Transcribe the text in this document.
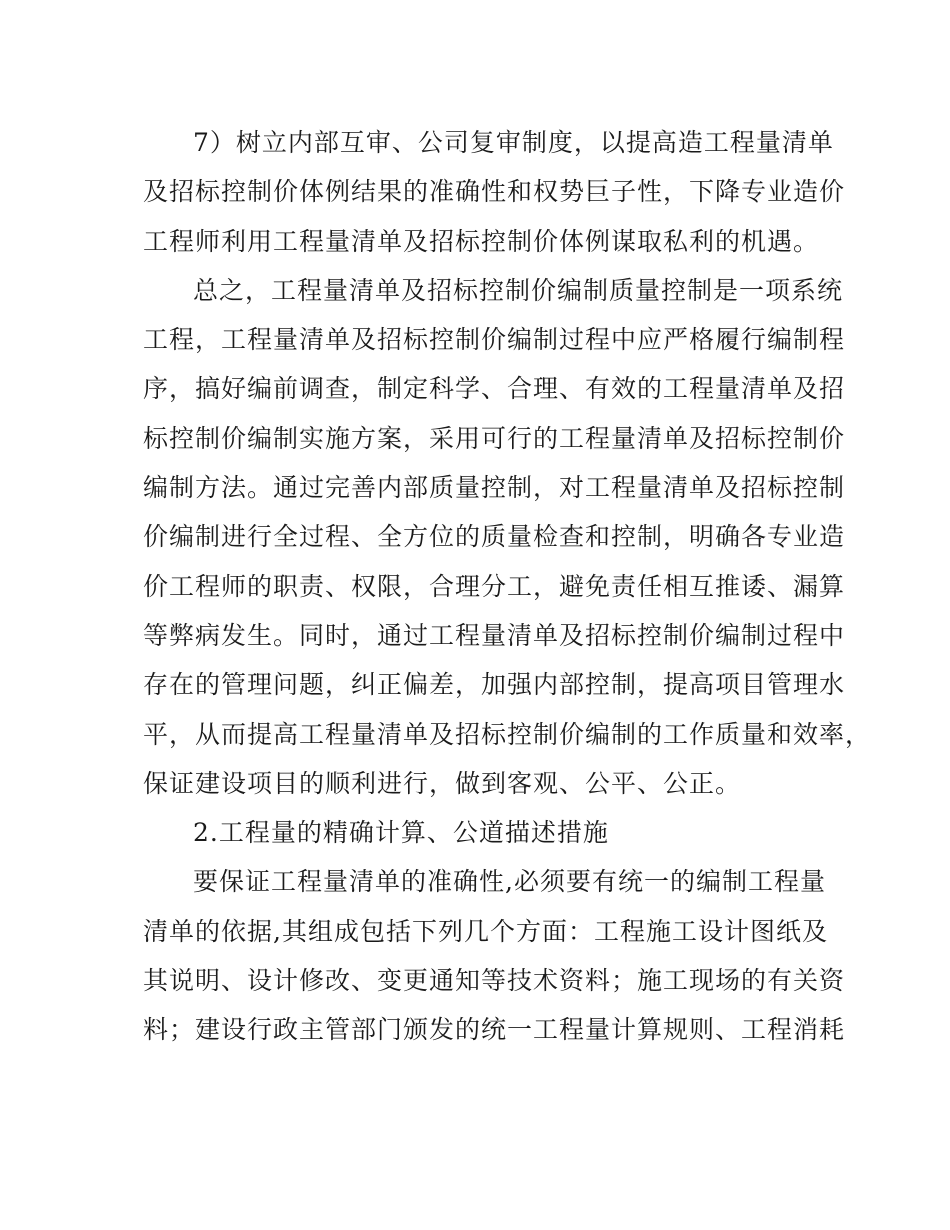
7）树立内部互审、公司复审制度，以提高造工程量清单
及招标控制价体例结果的准确性和权势巨子性，下降专业造价
工程师利用工程量清单及招标控制价体例谋取私利的机遇。
总之，工程量清单及招标控制价编制质量控制是一项系统
工程，工程量清单及招标控制价编制过程中应严格履行编制程
序，搞好编前调查，制定科学、合理、有效的工程量清单及招
标控制价编制实施方案，采用可行的工程量清单及招标控制价
编制方法。通过完善内部质量控制，对工程量清单及招标控制
价编制进行全过程、全方位的质量检查和控制，明确各专业造
价工程师的职责、权限，合理分工，避免责任相互推诿、漏算
等弊病发生。同时，通过工程量清单及招标控制价编制过程中
存在的管理问题，纠正偏差，加强内部控制，提高项目管理水
平，从而提高工程量清单及招标控制价编制的工作质量和效率，
保证建设项目的顺利进行，做到客观、公平、公正。
2.工程量的精确计算、公道描述措施
要保证工程量清单的准确性,必须要有统一的编制工程量
清单的依据,其组成包括下列几个方面：工程施工设计图纸及
其说明、设计修改、变更通知等技术资料；施工现场的有关资
料；建设行政主管部门颁发的统一工程量计算规则、工程消耗
